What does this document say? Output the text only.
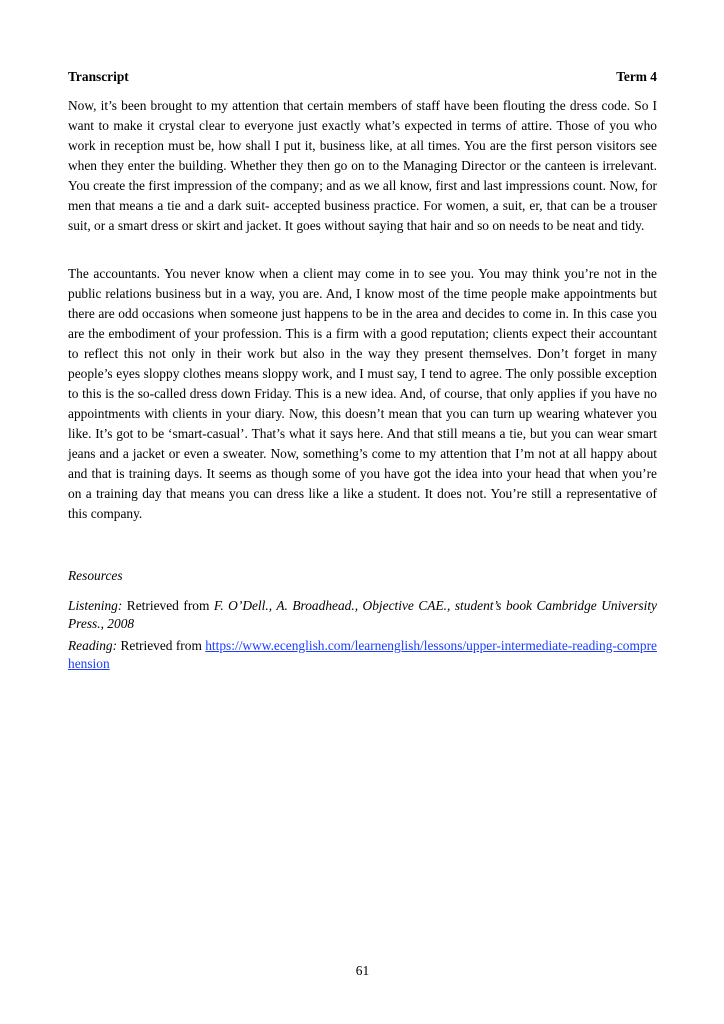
Transcript	Term 4

Now, it’s been brought to my attention that certain members of staff have been flouting the dress code. So I want to make it crystal clear to everyone just exactly what’s expected in terms of attire. Those of you who work in reception must be, how shall I put it, business like, at all times. You are the first person visitors see when they enter the building. Whether they then go on to the Managing Director or the canteen is irrelevant. You create the first impression of the company; and as we all know, first and last impressions count. Now, for men that means a tie and a dark suit- accepted business practice. For women, a suit, er, that can be a trouser suit, or a smart dress or skirt and jacket. It goes without saying that hair and so on needs to be neat and tidy.

The accountants. You never know when a client may come in to see you. You may think you’re not in the public relations business but in a way, you are. And, I know most of the time people make appointments but there are odd occasions when someone just happens to be in the area and decides to come in. In this case you are the embodiment of your profession. This is a firm with a good reputation; clients expect their accountant to reflect this not only in their work but also in the way they present themselves. Don’t forget in many people’s eyes sloppy clothes means sloppy work, and I must say, I tend to agree. The only possible exception to this is the so-called dress down Friday. This is a new idea. And, of course, that only applies if you have no appointments with clients in your diary. Now, this doesn’t mean that you can turn up wearing whatever you like. It’s got to be ‘smart-casual’. That’s what it says here. And that still means a tie, but you can wear smart jeans and a jacket or even a sweater. Now, something’s come to my attention that I’m not at all happy about and that is training days. It seems as though some of you have got the idea into your head that when you’re on a training day that means you can dress like a like a student. It does not. You’re still a representative of this company.

Resources

Listening: Retrieved from F. O’Dell., A. Broadhead., Objective CAE., student’s book Cambridge University Press., 2008

Reading: Retrieved from https://www.ecenglish.com/learnenglish/lessons/upper-intermediate-reading-comprehension

61
